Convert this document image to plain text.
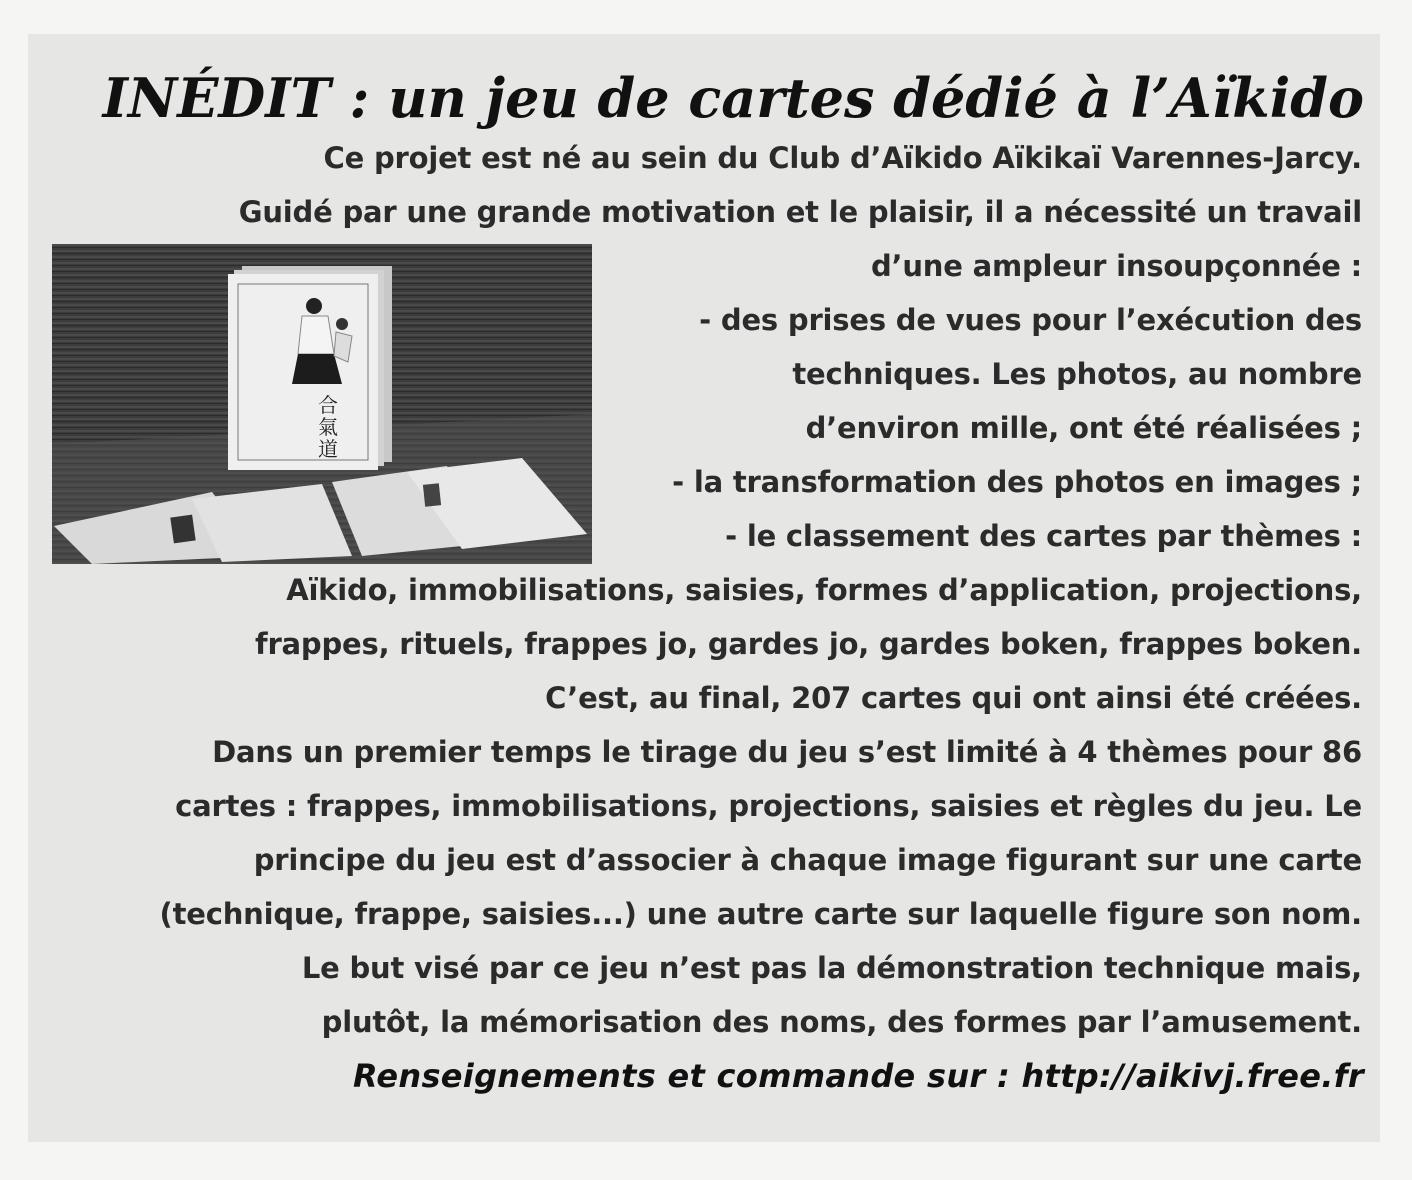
INÉDIT : un jeu de cartes dédié à l’Aïkido
合
氣
道

Ce projet est né au sein du Club d’Aïkido Aïkikaï Varennes-Jarcy.

Guidé par une grande motivation et le plaisir, il a nécessité un travail

d’une ampleur insoupçonnée :

- des prises de vues pour l’exécution des

techniques. Les photos, au nombre

d’environ mille, ont été réalisées ;

- la transformation des photos en images ;

- le classement des cartes par thèmes :

Aïkido, immobilisations, saisies, formes d’application, projections,

frappes, rituels, frappes jo, gardes jo, gardes boken, frappes boken.

C’est, au final, 207 cartes qui ont ainsi été créées.

Dans un premier temps le tirage du jeu s’est limité à 4 thèmes pour 86

cartes : frappes, immobilisations, projections, saisies et règles du jeu. Le

principe du jeu est d’associer à chaque image figurant sur une carte

(technique, frappe, saisies...) une autre carte sur laquelle figure son nom.

Le but visé par ce jeu n’est pas la démonstration technique mais,

plutôt, la mémorisation des noms, des formes par l’amusement.

Renseignements et commande sur : http://aikivj.free.fr
